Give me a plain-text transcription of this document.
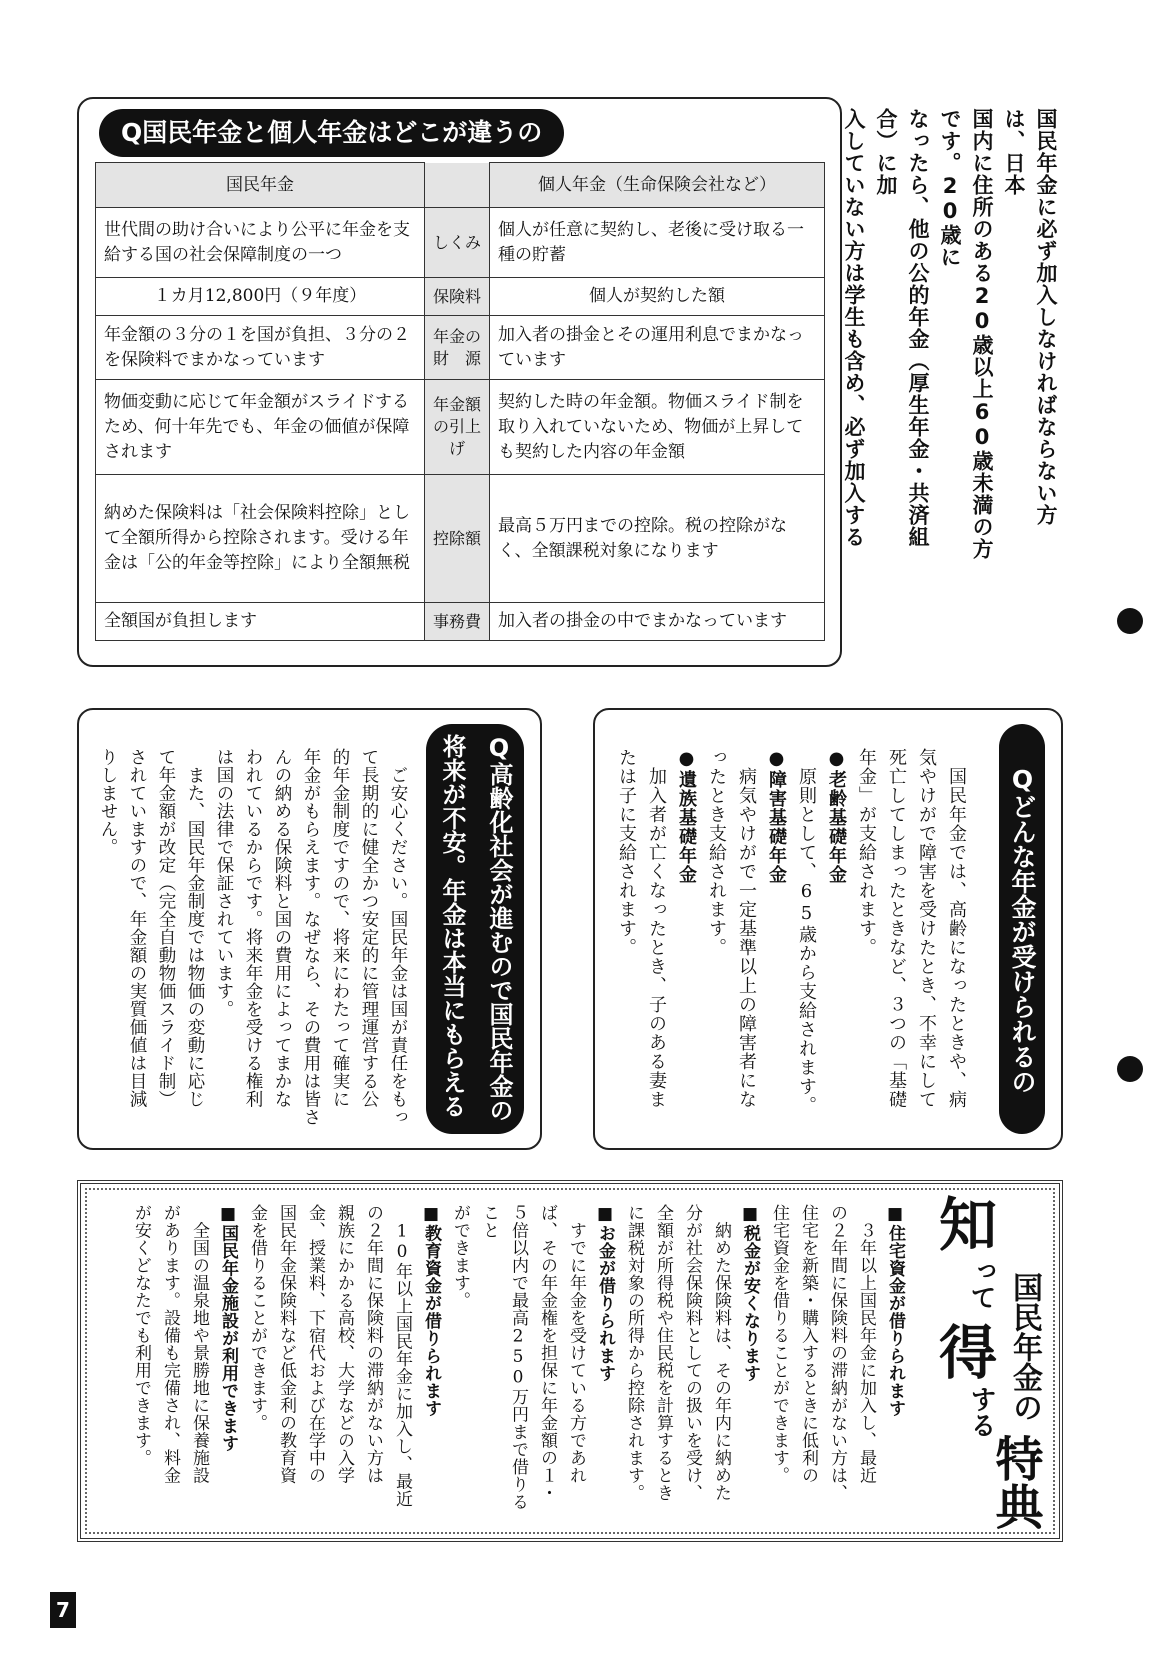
国民年金に必ず加入しなければならない方は、日本
国内に住所のある20歳以上60歳未満の方です。20歳に
なったら、他の公的年金（厚生年金・共済組合）に加
入していない方は学生も含め、必ず加入する
Q国民年金と個人年金はどこが違うの
国民年金		個人年金（生命保険会社など）
世代間の助け合いにより公平に年金を支給する国の社会保障制度の一つ	しくみ	個人が任意に契約し、老後に受け取る一種の貯蓄
１カ月12,800円（９年度）	保険料	個人が契約した額
年金額の３分の１を国が負担、３分の２を保険料でまかなっています	年金の財　源	加入者の掛金とその運用利息でまかなっています
物価変動に応じて年金額がスライドするため、何十年先でも、年金の価値が保障されます	年金額の引上げ	契約した時の年金額。物価スライド制を取り入れていないため、物価が上昇しても契約した内容の年金額
納めた保険料は「社会保険料控除」として全額所得から控除されます。受ける年金は「公的年金等控除」により全額無税	控除額	最高５万円までの控除。税の控除がなく、全額課税対象になります
全額国が負担します	事務費	加入者の掛金の中でまかなっています
Qどんな年金が受けられるの
　国民年金では、高齢になったときや、病
気やけがで障害を受けたとき、不幸にして
死亡してしまったときなど、３つの「基礎
年金」が支給されます。
●老齢基礎年金
　原則として、65歳から支給されます。
●障害基礎年金
　病気やけがで一定基準以上の障害者にな
ったとき支給されます。
●遺族基礎年金
　加入者が亡くなったとき、子のある妻ま
たは子に支給されます。
Q高齢化社会が進むので国民年金の将来が不安。年金は本当にもらえるの
　ご安心ください。国民年金は国が責任をもっ
て長期的に健全かつ安定的に管理運営する公
的年金制度ですので、将来にわたって確実に
年金がもらえます。なぜなら、その費用は皆さ
んの納める保険料と国の費用によってまかな
われているからです。将来年金を受ける権利
は国の法律で保証されています。
　また、国民年金制度では物価の変動に応じ
て年金額が改定（完全自動物価スライド制）
されていますので、年金額の実質価値は目減
りしません。
知
って
得
する 国民年金の
特典
■住宅資金が借りられます
　３年以上国民年金に加入し、最近
の２年間に保険料の滞納がない方は、
住宅を新築・購入するときに低利の
住宅資金を借りることができます。
■税金が安くなります
　納めた保険料は、その年内に納めた
分が社会保険料としての扱いを受け、
全額が所得税や住民税を計算するとき
に課税対象の所得から控除されます。
■お金が借りられます
　すでに年金を受けている方であれ
ば、その年金権を担保に年金額の１・
５倍以内で最高250万円まで借りること
ができます。
■教育資金が借りられます
　10年以上国民年金に加入し、最近
の２年間に保険料の滞納がない方は
親族にかかる高校、大学などの入学
金、授業料、下宿代および在学中の
国民年金保険料など低金利の教育資
金を借りることができます。
■国民年金施設が利用できます
　全国の温泉地や景勝地に保養施設
があります。設備も完備され、料金
が安くどなたでも利用できます。
7
